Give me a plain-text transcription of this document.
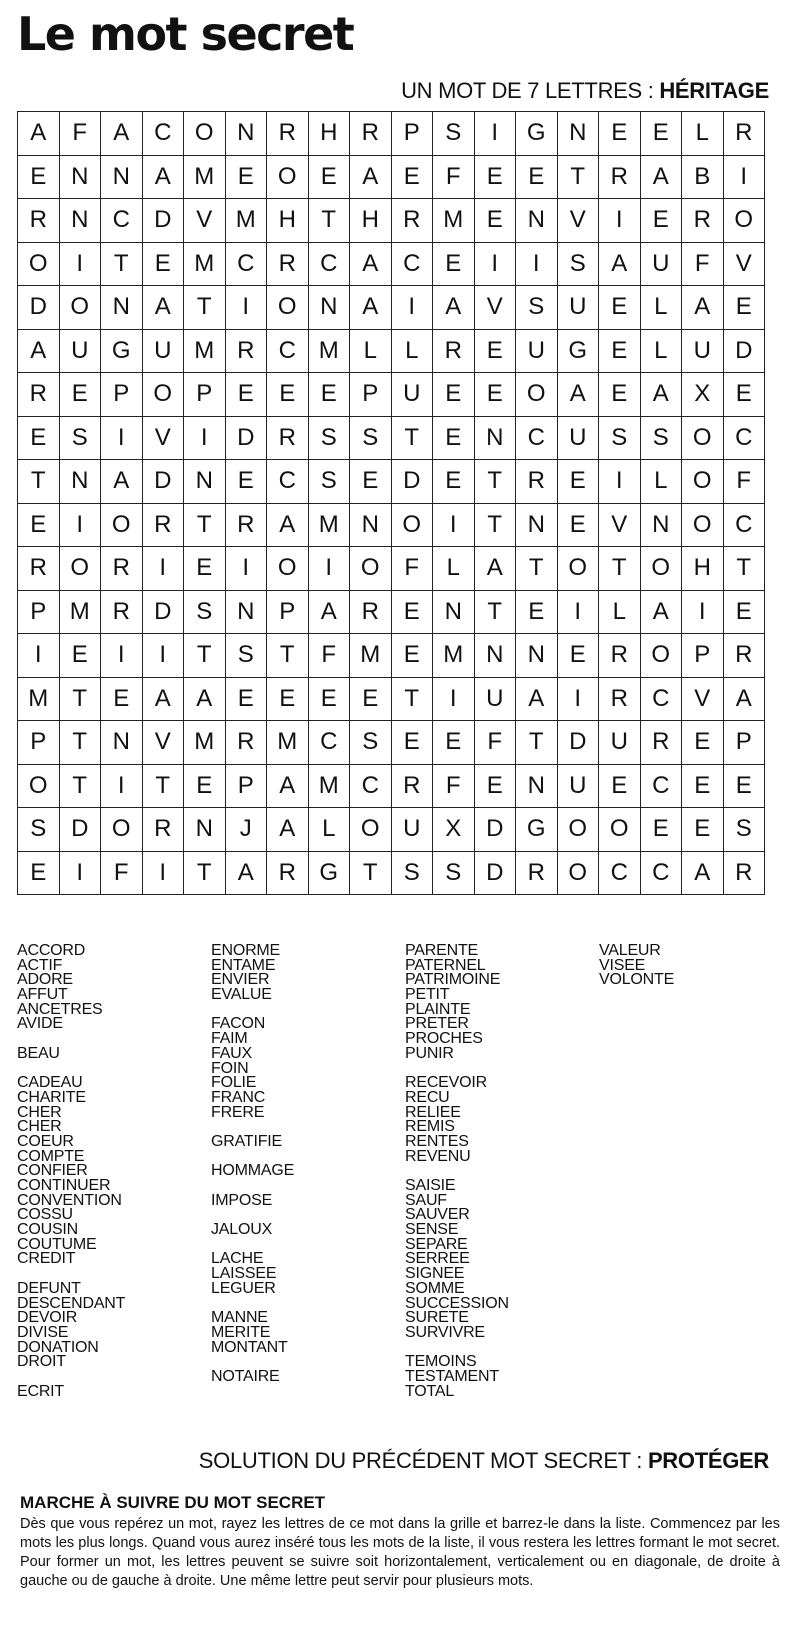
Le mot secret
UN MOT DE 7 LETTRES : HÉRITAGE
A	F	A	C	O	N	R	H	R	P	S	I	G	N	E	E	L	R
E	N	N	A	M	E	O	E	A	E	F	E	E	T	R	A	B	I
R	N	C	D	V	M	H	T	H	R	M	E	N	V	I	E	R	O
O	I	T	E	M	C	R	C	A	C	E	I	I	S	A	U	F	V
D	O	N	A	T	I	O	N	A	I	A	V	S	U	E	L	A	E
A	U	G	U	M	R	C	M	L	L	R	E	U	G	E	L	U	D
R	E	P	O	P	E	E	E	P	U	E	E	O	A	E	A	X	E
E	S	I	V	I	D	R	S	S	T	E	N	C	U	S	S	O	C
T	N	A	D	N	E	C	S	E	D	E	T	R	E	I	L	O	F
E	I	O	R	T	R	A	M	N	O	I	T	N	E	V	N	O	C
R	O	R	I	E	I	O	I	O	F	L	A	T	O	T	O	H	T
P	M	R	D	S	N	P	A	R	E	N	T	E	I	L	A	I	E
I	E	I	I	T	S	T	F	M	E	M	N	N	E	R	O	P	R
M	T	E	A	A	E	E	E	E	T	I	U	A	I	R	C	V	A
P	T	N	V	M	R	M	C	S	E	E	F	T	D	U	R	E	P
O	T	I	T	E	P	A	M	C	R	F	E	N	U	E	C	E	E
S	D	O	R	N	J	A	L	O	U	X	D	G	O	O	E	E	S
E	I	F	I	T	A	R	G	T	S	S	D	R	O	C	C	A	R
ACCORD
ACTIF
ADORE
AFFUT
ANCETRES
AVIDE
BEAU
CADEAU
CHARITE
CHER
CHER
COEUR
COMPTE
CONFIER
CONTINUER
CONVENTION
COSSU
COUSIN
COUTUME
CREDIT
DEFUNT
DESCENDANT
DEVOIR
DIVISE
DONATION
DROIT
ECRIT
ENORME
ENTAME
ENVIER
EVALUE
FACON
FAIM
FAUX
FOIN
FOLIE
FRANC
FRERE
GRATIFIE
HOMMAGE
IMPOSE
JALOUX
LACHE
LAISSEE
LEGUER
MANNE
MERITE
MONTANT
NOTAIRE
PARENTE
PATERNEL
PATRIMOINE
PETIT
PLAINTE
PRETER
PROCHES
PUNIR
RECEVOIR
RECU
RELIEE
REMIS
RENTES
REVENU
SAISIE
SAUF
SAUVER
SENSE
SEPARE
SERREE
SIGNEE
SOMME
SUCCESSION
SURETE
SURVIVRE
TEMOINS
TESTAMENT
TOTAL
VALEUR
VISEE
VOLONTE
SOLUTION DU PRÉCÉDENT MOT SECRET : PROTÉGER
MARCHE À SUIVRE DU MOT SECRET

Dès que vous repérez un mot, rayez les lettres de ce mot dans la grille et barrez-le dans la liste. Commencez par les mots les plus longs. Quand vous aurez inséré tous les mots de la liste, il vous restera les lettres formant le mot secret. Pour former un mot, les lettres peuvent se suivre soit horizontalement, verticalement ou en diagonale, de droite à gauche ou de gauche à droite. Une même lettre peut servir pour plusieurs mots.
